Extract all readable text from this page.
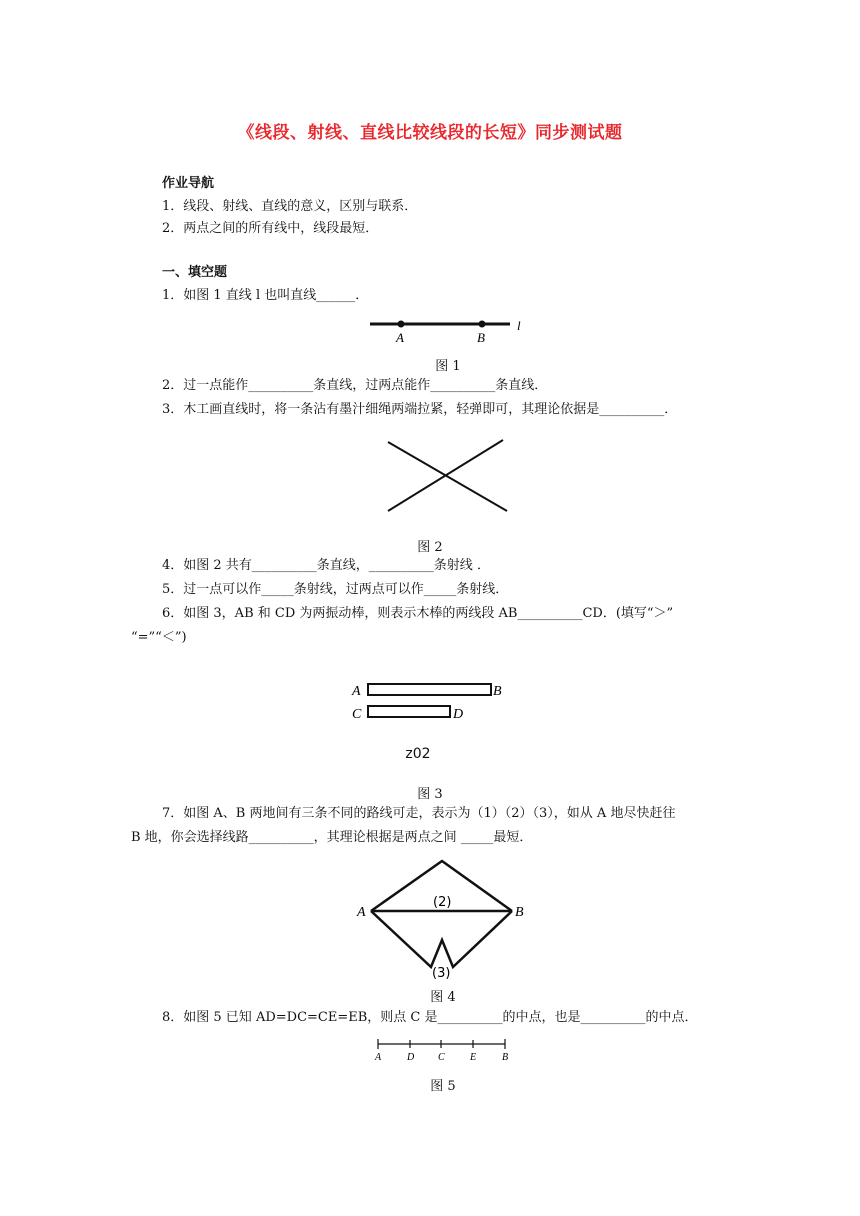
《线段、射线、直线比较线段的长短》同步测试题
作业导航
1．线段、射线、直线的意义，区别与联系．
2．两点之间的所有线中，线段最短．
一、填空题
1．如图 1 直线 l 也叫直线______．
A	B
l
图 1
2．过一点能作__________条直线，过两点能作__________条直线．
3．木工画直线时，将一条沾有墨汁细绳两端拉紧，轻弹即可，其理论依据是__________．
图 2
4．如图 2 共有__________条直线，__________条射线 ．
5．过一点可以作_____条射线，过两点可以作_____条射线．
6．如图 3，AB 和 CD 为两振动棒，则表示木棒的两线段 AB__________CD．(填写“＞”
“=”“＜”)
A	B
C	D
z02
图 3
7．如图 A、B 两地间有三条不同的路线可走，表示为（1）（2）（3），如从 A 地尽快赶往
B 地，你会选择线路__________，其理论根据是两点之间 _____最短．
A	B
(2)
(3)
图 4
8．如图 5 已知 AD=DC=CE=EB，则点 C 是__________的中点，也是__________的中点．
A	D C	E	B
图 5
